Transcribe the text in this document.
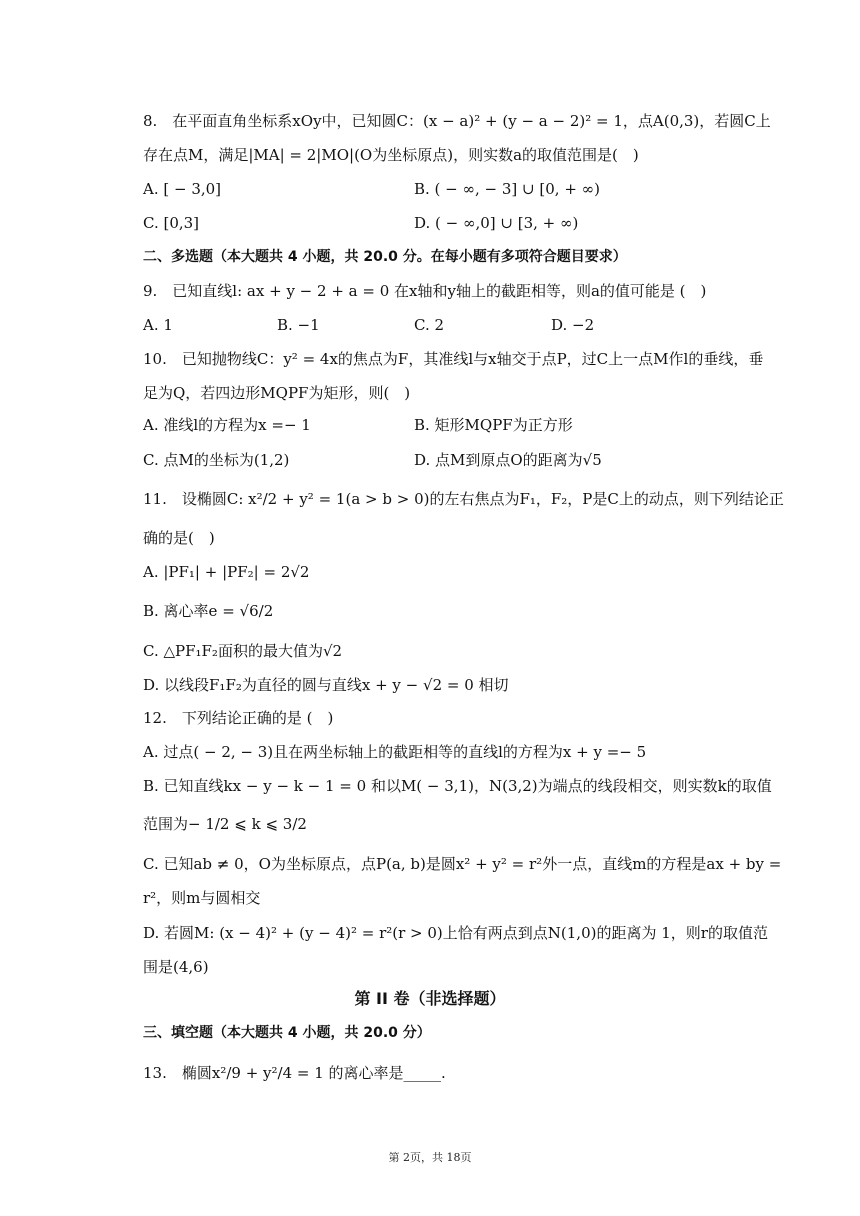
8.　在平面直角坐标系xOy中，已知圆C：(x − a)² + (y − a − 2)² = 1，点A(0,3)，若圆C上
存在点M，满足|MA| = 2|MO|(O为坐标原点)，则实数a的取值范围是(　)
A. [ − 3,0]	B. ( − ∞, − 3] ∪ [0, + ∞)
C. [0,3]	D. ( − ∞,0] ∪ [3, + ∞)
二、多选题（本大题共 4 小题，共 20.0 分。在每小题有多项符合题目要求）
9.　已知直线l: ax + y − 2 + a = 0 在x轴和y轴上的截距相等，则a的值可能是 (　)
A. 1	B. −1	C. 2	D. −2
10.　已知抛物线C：y² = 4x的焦点为F，其准线l与x轴交于点P，过C上一点M作l的垂线，垂
足为Q，若四边形MQPF为矩形，则(　)
A. 准线l的方程为x =− 1	B. 矩形MQPF为正方形
C. 点M的坐标为(1,2)	D. 点M到原点O的距离为√5
11.　设椭圆C: x²/2 + y² = 1(a > b > 0)的左右焦点为F₁，F₂，P是C上的动点，则下列结论正
确的是(　)
A. |PF₁| + |PF₂| = 2√2
B. 离心率e = √6/2
C. △PF₁F₂面积的最大值为√2
D. 以线段F₁F₂为直径的圆与直线x + y − √2 = 0 相切
12.　下列结论正确的是 (　)
A. 过点( − 2, − 3)且在两坐标轴上的截距相等的直线l的方程为x + y =− 5
B. 已知直线kx − y − k − 1 = 0 和以M( − 3,1)，N(3,2)为端点的线段相交，则实数k的取值
范围为− 1/2 ⩽ k ⩽ 3/2
C. 已知ab ≠ 0，O为坐标原点，点P(a, b)是圆x² + y² = r²外一点，直线m的方程是ax + by =
r²，则m与圆相交
D. 若圆M: (x − 4)² + (y − 4)² = r²(r > 0)上恰有两点到点N(1,0)的距离为 1，则r的取值范
围是(4,6)
第 II 卷（非选择题）
三、填空题（本大题共 4 小题，共 20.0 分）
13.　椭圆x²/9 + y²/4 = 1 的离心率是_____.
第 2页，共 18页
